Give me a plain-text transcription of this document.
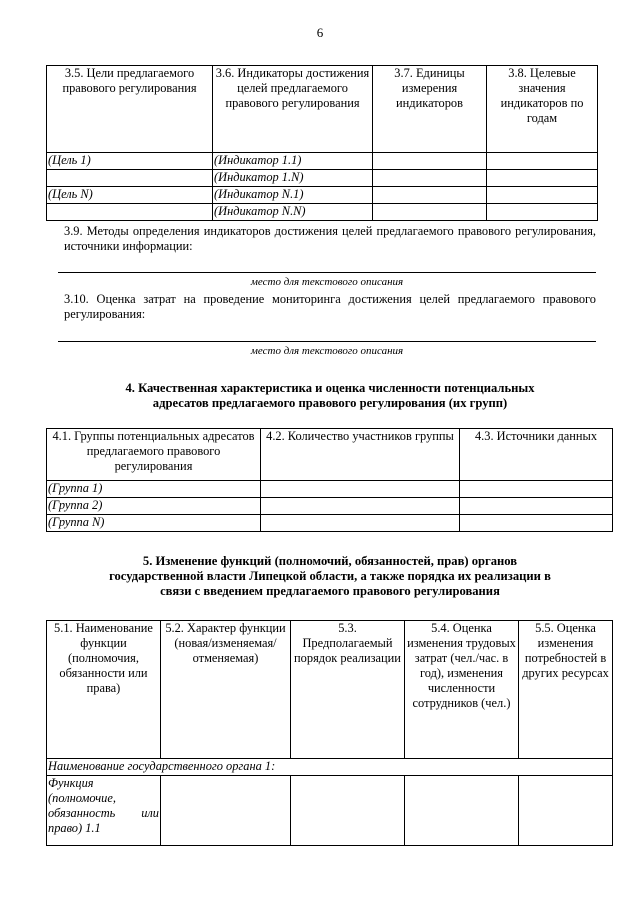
6
3.5. Цели предлагаемого правового регулирования	3.6. Индикаторы достижения целей предлагаемого правового регулирования	3.7. Единицы измерения индикаторов	3.8. Целевые значения индикаторов по годам
(Цель 1)	(Индикатор 1.1)		
	(Индикатор 1.N)		
(Цель N)	(Индикатор N.1)		
	(Индикатор N.N)		
3.9. Методы определения индикаторов достижения целей предлагаемого правового регулирования, источники информации:
место для текстового описания
3.10. Оценка затрат на проведение мониторинга достижения целей предлагаемого правового регулирования:
место для текстового описания
4. Качественная характеристика и оценка численности потенциальных
адресатов предлагаемого правового регулирования (их групп)
4.1. Группы потенциальных адресатов предлагаемого правового регулирования	4.2. Количество участников группы	4.3. Источники данных
(Группа 1)		
(Группа 2)		
(Группа N)		
5. Изменение функций (полномочий, обязанностей, прав) органов
государственной власти Липецкой области, а также порядка их реализации в
связи с введением предлагаемого правового регулирования
5.1. Наименование функции (полномочия, обязанности или права)	5.2. Характер функции (новая/изменяемая/ отменяемая)	5.3. Предполагаемый порядок реализации	5.4. Оценка изменения трудовых затрат (чел./час. в год), изменения численности сотрудников (чел.)	5.5. Оценка изменения потребностей в других ресурсах
Наименование государственного органа 1:				
Функция (полномочие, обязанность или право) 1.1				
